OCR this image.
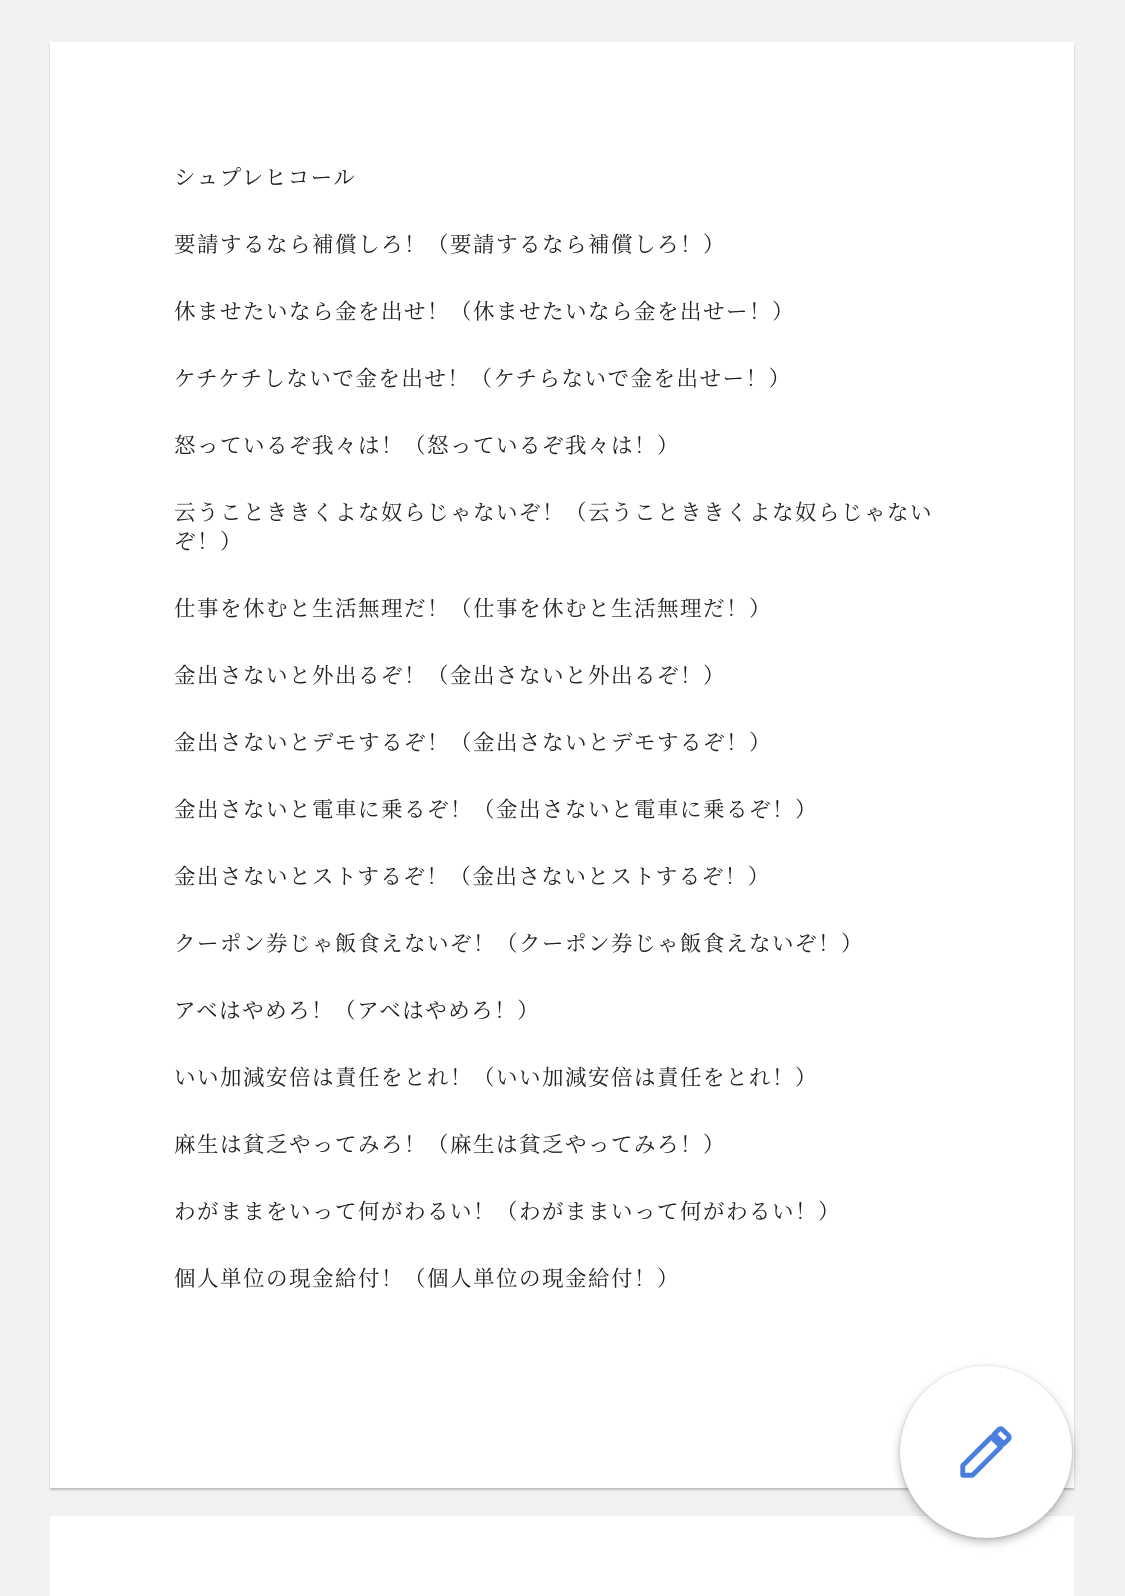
シュプレヒコール

要請するなら補償しろ！（要請するなら補償しろ！）

休ませたいなら金を出せ！（休ませたいなら金を出せー！）

ケチケチしないで金を出せ！（ケチらないで金を出せー！）

怒っているぞ我々は！（怒っているぞ我々は！）

云うことききくよな奴らじゃないぞ！（云うことききくよな奴らじゃないぞ！）

仕事を休むと生活無理だ！（仕事を休むと生活無理だ！）

金出さないと外出るぞ！（金出さないと外出るぞ！）

金出さないとデモするぞ！（金出さないとデモするぞ！）

金出さないと電車に乗るぞ！（金出さないと電車に乗るぞ！）

金出さないとストするぞ！（金出さないとストするぞ！）

クーポン券じゃ飯食えないぞ！（クーポン券じゃ飯食えないぞ！）

アベはやめろ！（アベはやめろ！）

いい加減安倍は責任をとれ！（いい加減安倍は責任をとれ！）

麻生は貧乏やってみろ！（麻生は貧乏やってみろ！）

わがままをいって何がわるい！（わがままいって何がわるい！）

個人単位の現金給付！（個人単位の現金給付！）
